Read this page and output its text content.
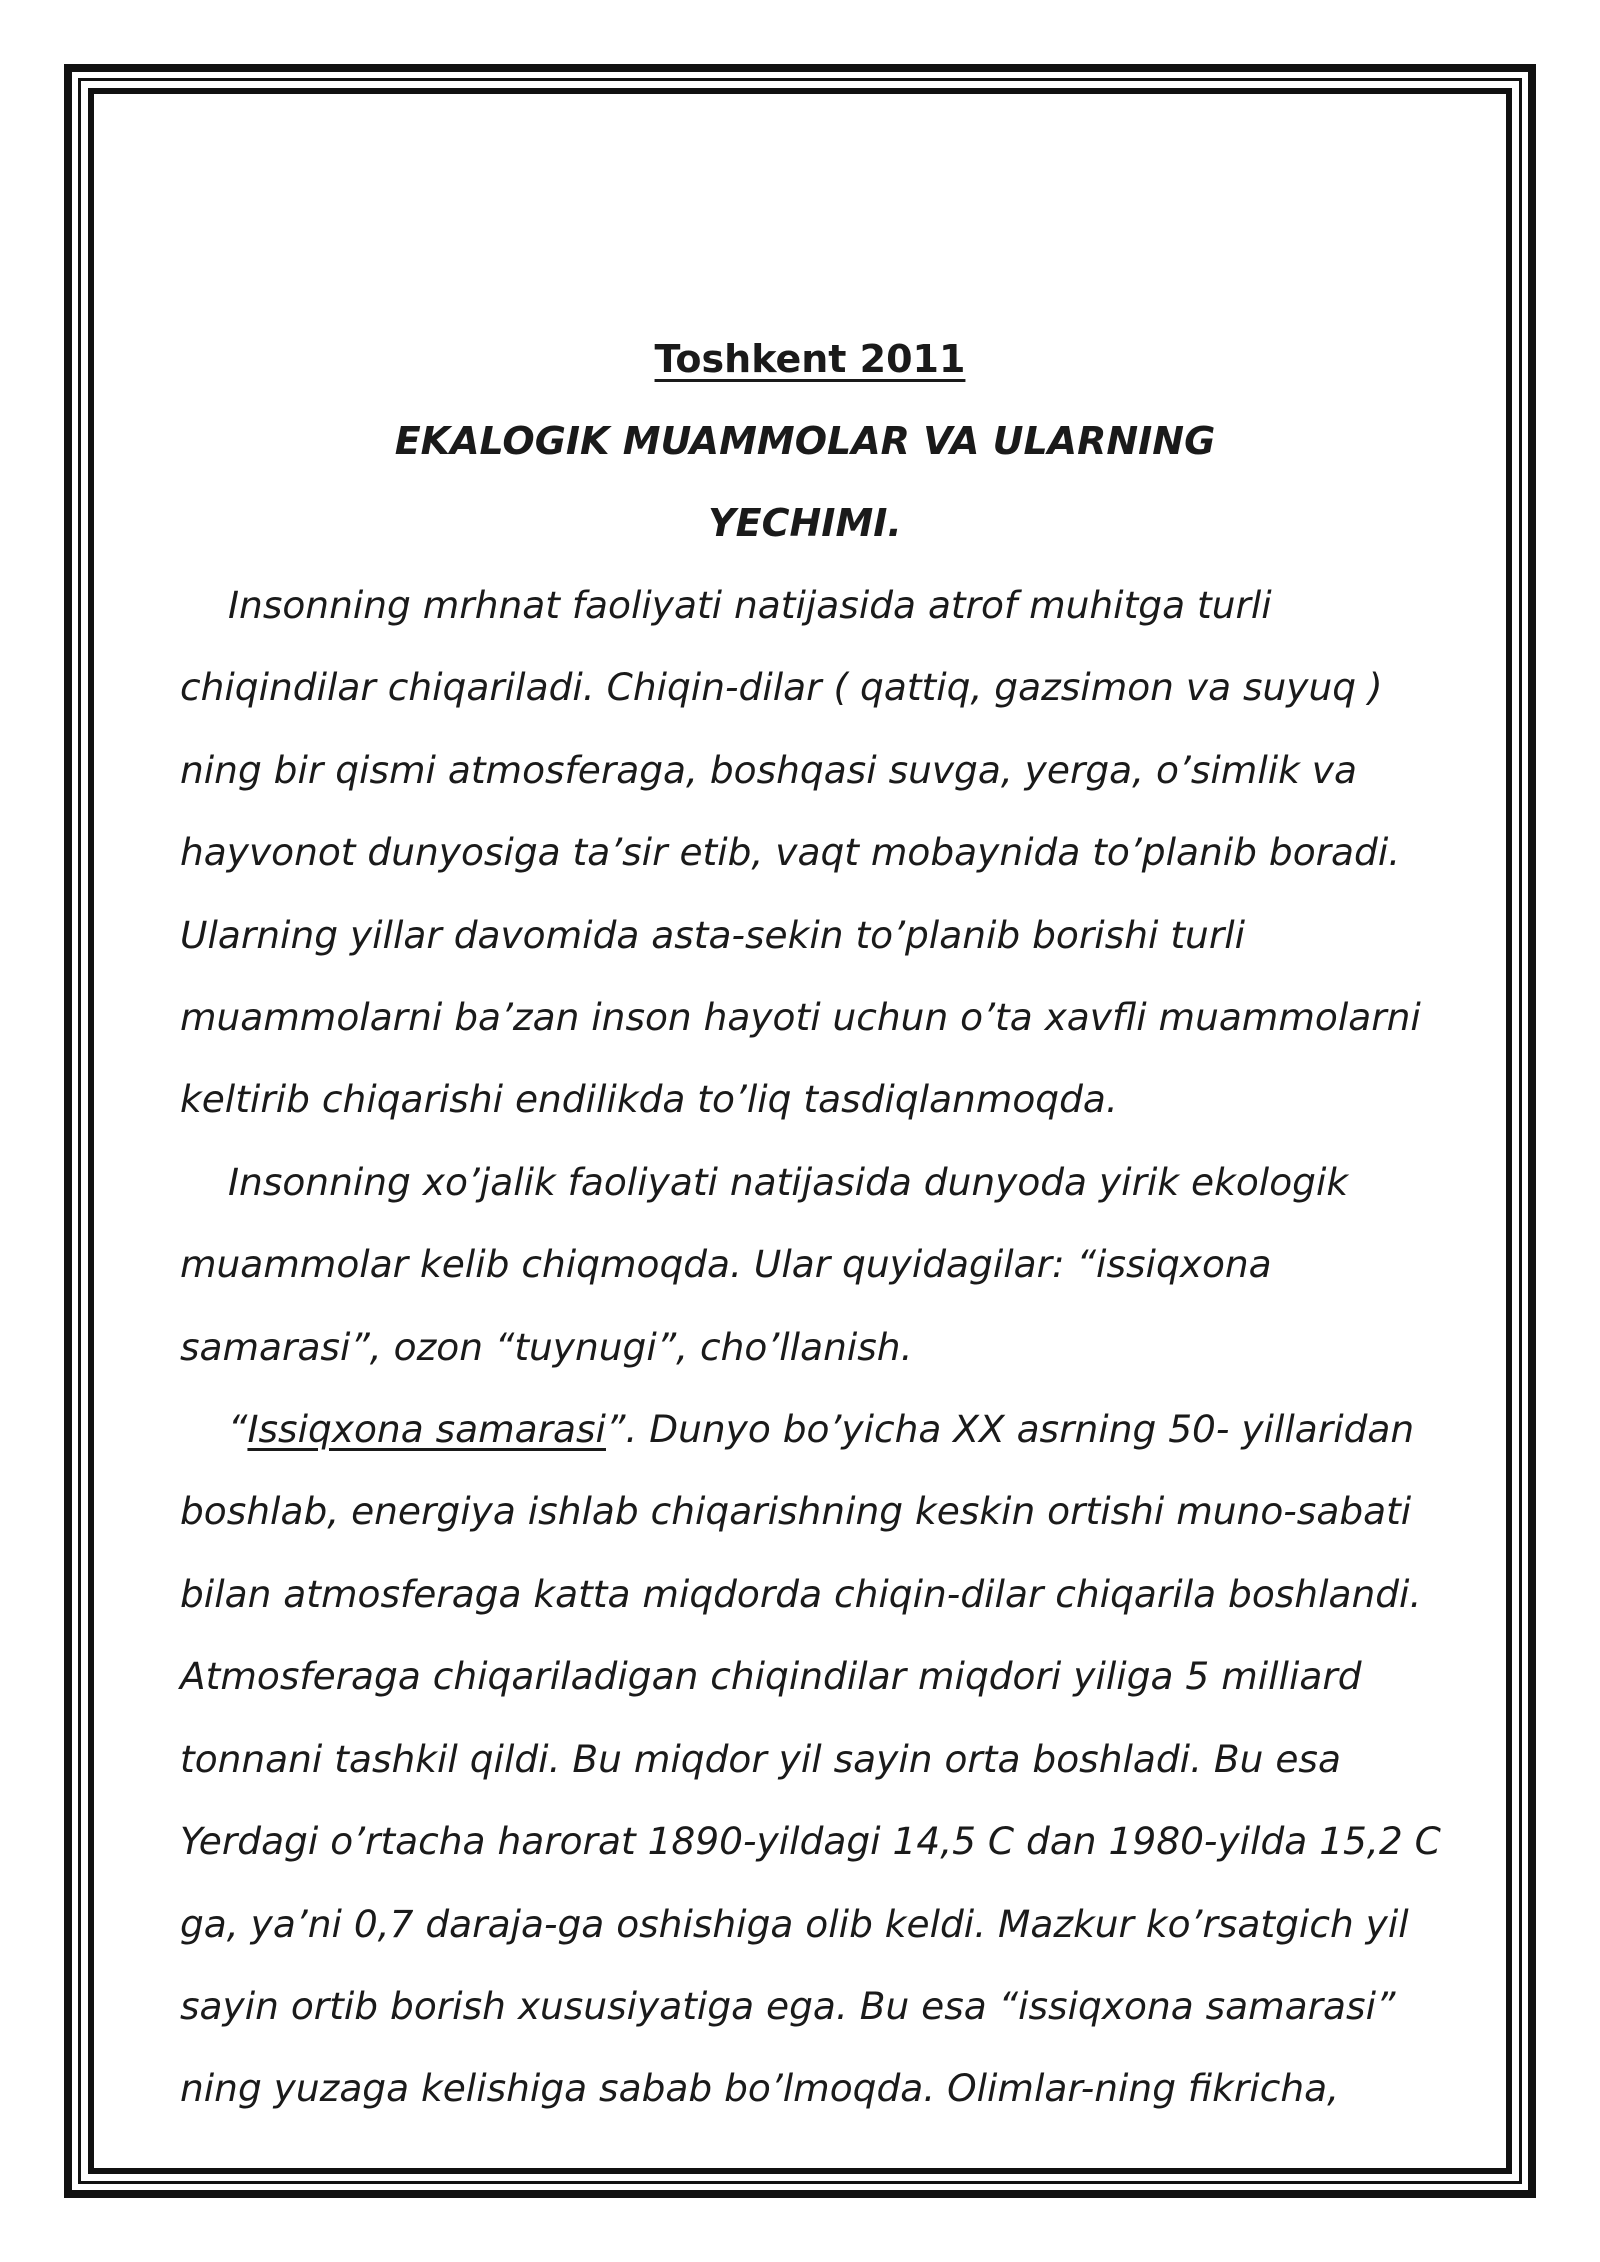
Toshkent 2011

EKALOGIK MUAMMOLAR VA ULARNING
YECHIMI.

Insonning mrhnat faoliyati natijasida atrof muhitga turli
chiqindilar chiqariladi. Chiqin-dilar ( qattiq, gazsimon va suyuq )
ning bir qismi atmosferaga, boshqasi suvga, yerga, o’simlik va
hayvonot dunyosiga ta’sir etib, vaqt mobaynida to’planib boradi.
Ularning yillar davomida asta-sekin to’planib borishi turli
muammolarni ba’zan inson hayoti uchun o’ta xavfli muammolarni
keltirib chiqarishi endilikda to’liq tasdiqlanmoqda.

Insonning xo’jalik faoliyati natijasida dunyoda yirik ekologik
muammolar kelib chiqmoqda. Ular quyidagilar: “issiqxona
samarasi”, ozon “tuynugi”, cho’llanish.

“Issiqxona samarasi”. Dunyo bo’yicha XX asrning 50- yillaridan
boshlab, energiya ishlab chiqarishning keskin ortishi muno-sabati
bilan atmosferaga katta miqdorda chiqin-dilar chiqarila boshlandi.
Atmosferaga chiqariladigan chiqindilar miqdori yiliga 5 milliard
tonnani tashkil qildi. Bu miqdor yil sayin orta boshladi. Bu esa
Yerdagi o’rtacha harorat 1890-yildagi 14,5 C dan 1980-yilda 15,2 C
ga, ya’ni 0,7 daraja-ga oshishiga olib keldi. Mazkur ko’rsatgich yil
sayin ortib borish xususiyatiga ega. Bu esa “issiqxona samarasi”
ning yuzaga kelishiga sabab bo’lmoqda. Olimlar-ning fikricha,
